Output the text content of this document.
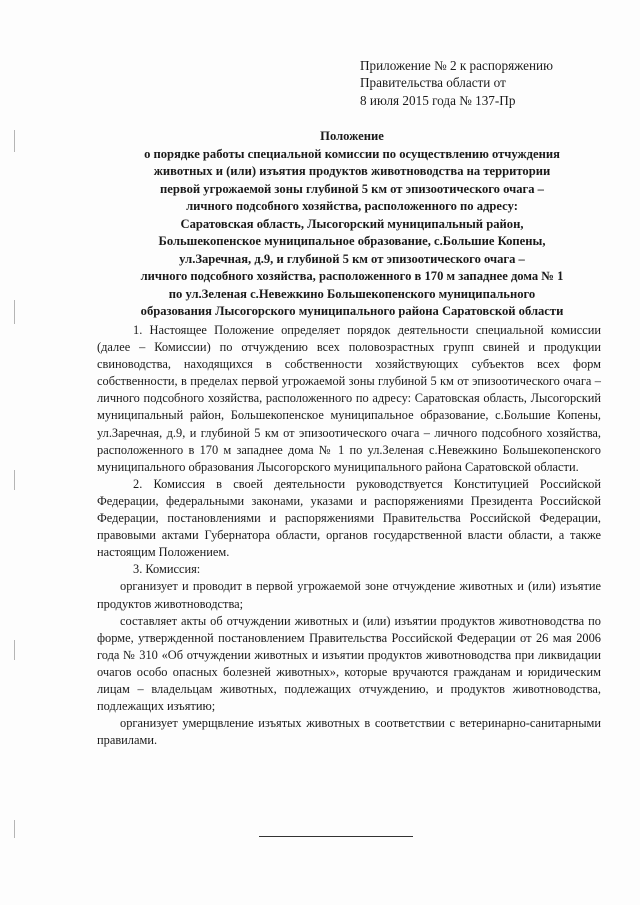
Приложение № 2 к распоряжению
Правительства области от
8 июля 2015 года № 137-Пр
Положение
о порядке работы специальной комиссии по осуществлению отчуждения
животных и (или) изъятия продуктов животноводства на территории
первой угрожаемой зоны глубиной 5 км от эпизоотического очага –
личного подсобного хозяйства, расположенного по адресу:
Саратовская область, Лысогорский муниципальный район,
Большекопенское муниципальное образование, с.Большие Копены,
ул.Заречная, д.9, и глубиной 5 км от эпизоотического очага –
личного подсобного хозяйства, расположенного в 170 м западнее дома № 1
по ул.Зеленая с.Невежкино Большекопенского муниципального
образования Лысогорского муниципального района Саратовской области

1. Настоящее Положение определяет порядок деятельности специальной комиссии (далее – Комиссии) по отчуждению всех половозрастных групп свиней и продукции свиноводства, находящихся в собственности хозяйствующих субъектов всех форм собственности, в пределах первой угрожаемой зоны глубиной 5 км от эпизоотического очага – личного подсобного хозяйства, расположенного по адресу: Саратовская область, Лысогорский муниципальный район, Большекопенское муниципальное образование, с.Большие Копены, ул.Заречная, д.9, и глубиной 5 км от эпизоотического очага – личного подсобного хозяйства, расположенного в 170 м западнее дома № 1 по ул.Зеленая с.Невежкино Большекопенского муниципального образования Лысогорского муниципального района Саратовской области.

2. Комиссия в своей деятельности руководствуется Конституцией Российской Федерации, федеральными законами, указами и распоряжениями Президента Российской Федерации, постановлениями и распоряжениями Правительства Российской Федерации, правовыми актами Губернатора области, органов государственной власти области, а также настоящим Положением.

3. Комиссия:

организует и проводит в первой угрожаемой зоне отчуждение животных и (или) изъятие продуктов животноводства;

составляет акты об отчуждении животных и (или) изъятии продуктов животноводства по форме, утвержденной постановлением Правительства Российской Федерации от 26 мая 2006 года № 310 «Об отчуждении животных и изъятии продуктов животноводства при ликвидации очагов особо опасных болезней животных», которые вручаются гражданам и юридическим лицам – владельцам животных, подлежащих отчуждению, и продуктов животноводства, подлежащих изъятию;

организует умерщвление изъятых животных в соответствии с ветеринарно-санитарными правилами.
